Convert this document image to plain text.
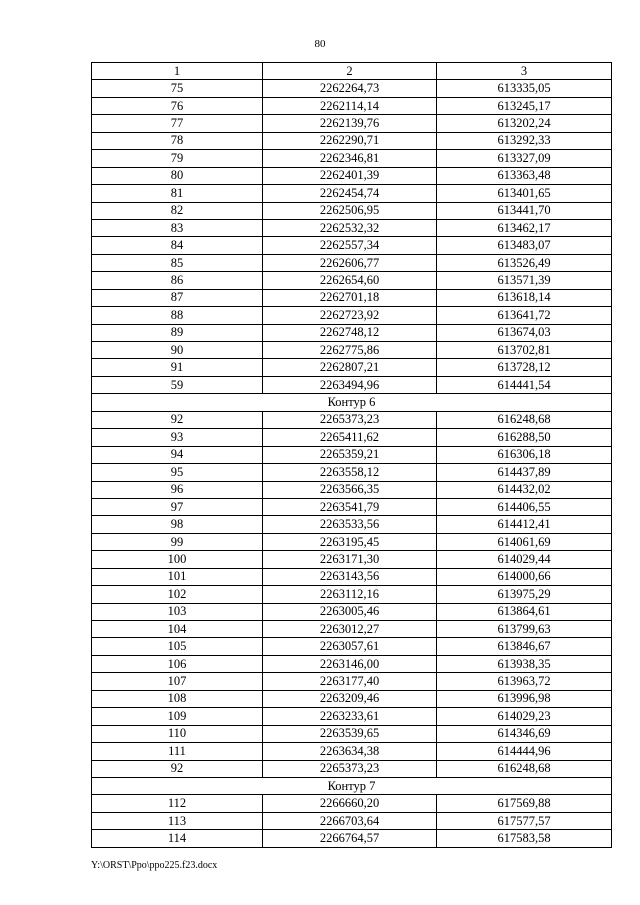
80
1	2	3
75	2262264,73	613335,05
76	2262114,14	613245,17
77	2262139,76	613202,24
78	2262290,71	613292,33
79	2262346,81	613327,09
80	2262401,39	613363,48
81	2262454,74	613401,65
82	2262506,95	613441,70
83	2262532,32	613462,17
84	2262557,34	613483,07
85	2262606,77	613526,49
86	2262654,60	613571,39
87	2262701,18	613618,14
88	2262723,92	613641,72
89	2262748,12	613674,03
90	2262775,86	613702,81
91	2262807,21	613728,12
59	2263494,96	614441,54
Контур 6		
92	2265373,23	616248,68
93	2265411,62	616288,50
94	2265359,21	616306,18
95	2263558,12	614437,89
96	2263566,35	614432,02
97	2263541,79	614406,55
98	2263533,56	614412,41
99	2263195,45	614061,69
100	2263171,30	614029,44
101	2263143,56	614000,66
102	2263112,16	613975,29
103	2263005,46	613864,61
104	2263012,27	613799,63
105	2263057,61	613846,67
106	2263146,00	613938,35
107	2263177,40	613963,72
108	2263209,46	613996,98
109	2263233,61	614029,23
110	2263539,65	614346,69
111	2263634,38	614444,96
92	2265373,23	616248,68
Контур 7		
112	2266660,20	617569,88
113	2266703,64	617577,57
114	2266764,57	617583,58
Y:\ORST\Ppo\ppo225.f23.docx
